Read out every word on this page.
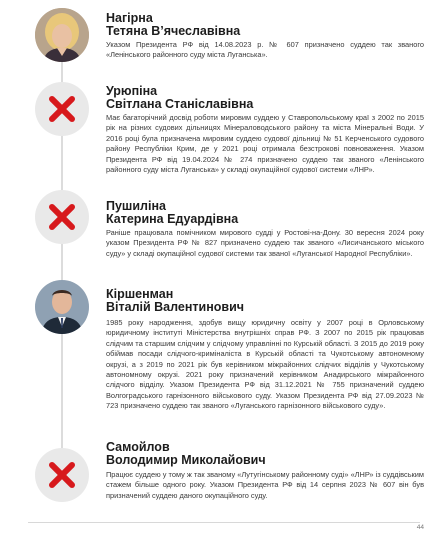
Нагірна
Тетяна В’ячеславівна
Указом Президента РФ від 14.08.2023 р. № 607 призначено суддею так званого «Ленінського районного суду міста Луганська».
Урюпіна
Світлана Станіславівна
Має багаторічний досвід роботи мировим суддею у Ставропольському краї з 2002 по 2015 рік на різних судових дільницях Мінераловодського району та міста Мінеральні Води. У 2016 році була призначена мировим суддею судової дільниці № 51 Керченського судового району Республіки Крим, де у 2021 році отримала безстрокові повноваження. Указом Президента РФ від 19.04.2024 № 274 призначено суддею так званого «Ленінського районного суду міста Луганська» у складі окупаційної судової системи «ЛНР».
Пушиліна
Катерина Едуардівна
Раніше працювала помічником мирового судді у Ростові-на-Дону. 30 вересня 2024 року указом Президента РФ № 827 призначено суддею так званого «Лисичанського міського суду» у складі окупаційної судової системи так званої «Луганської Народної Республіки».
Кіршенман
Віталій Валентинович
1985 року народження, здобув вищу юридичну освіту у 2007 році в Орловському юридичному інституті Міністерства внутрішніх справ РФ. З 2007 по 2015 рік працював слідчим та старшим слідчим у слідчому управлінні по Курській області. З 2015 до 2019 року обіймав посади слідчого-криміналіста в Курській області та Чукотському автономному окрузі, а з 2019 по 2021 рік був керівником міжрайонних слідчих відділів у Чукотському автономному окрузі. 2021 року призначений керівником Анадирського міжрайонного слідчого відділу. Указом Президента РФ від 31.12.2021 № 755 призначений суддею Волгоградського гарнізонного військового суду. Указом Президента РФ від 27.09.2023 № 723 призначено суддею так званого «Луганського гарнізонного військового суду».
Самойлов
Володимир Миколайович
Працює суддею у тому ж так званому «Лутугінському районному суді» «ЛНР» із суддівським стажем більше одного року. Указом Президента РФ від 14 серпня 2023 № 607 він був призначений суддею даного окупаційного суду.
44
